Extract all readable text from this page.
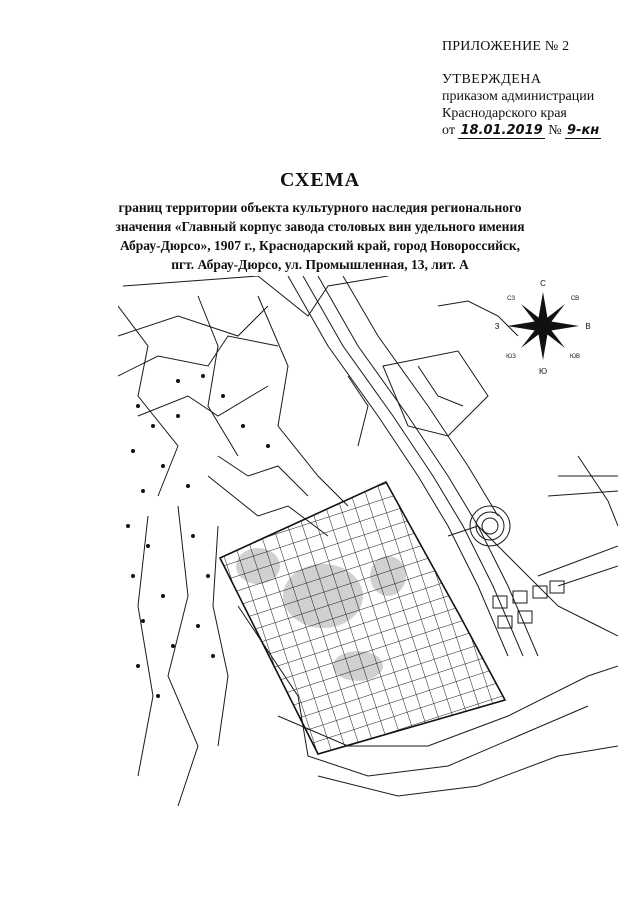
ПРИЛОЖЕНИЕ № 2
УТВЕРЖДЕНА
приказом администрации
Краснодарского края
от 18.01.2019 № 9-кн
СХЕМА
границ территории объекта культурного наследия регионального
значения «Главный корпус завода столовых вин удельного имения
Абрау-Дюрсо», 1907 г., Краснодарский край, город Новороссийск,
пгт. Абрау-Дюрсо, ул. Промышленная, 13, лит. А
С
Ю
З	В
СЗ	СВ
ЮЗ	ЮВ
